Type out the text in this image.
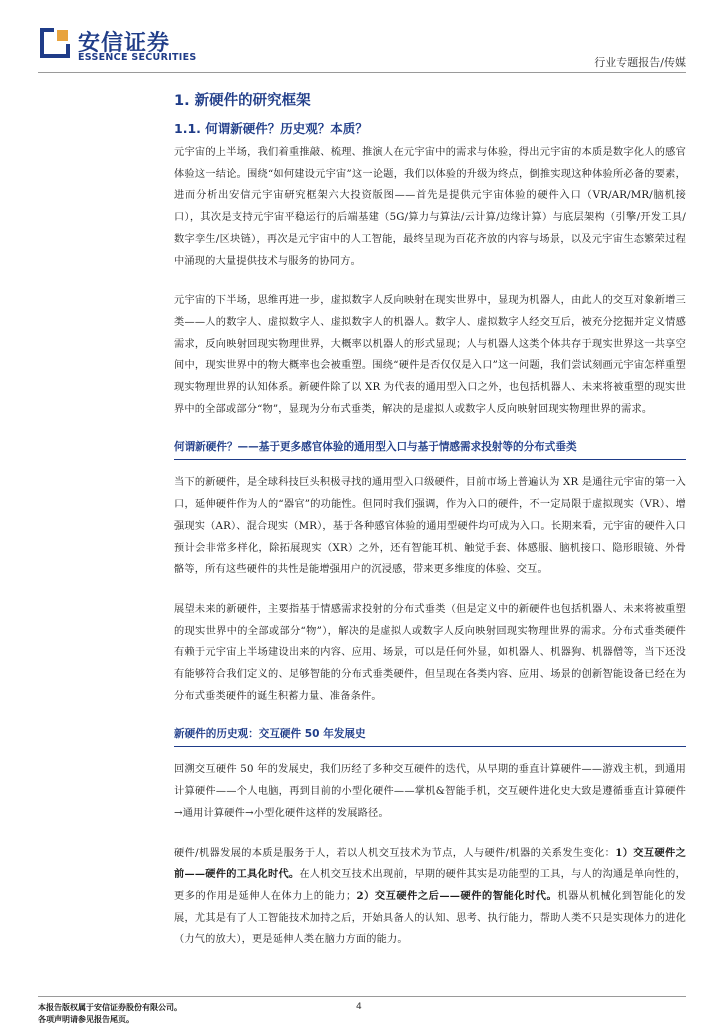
安信证券
ESSENCE SECURITIES	行业专题报告/传媒
1. 新硬件的研究框架
1.1. 何谓新硬件？历史观？本质？

元宇宙的上半场，我们着重推敲、梳理、推演人在元宇宙中的需求与体验，得出元宇宙的本质是数字化人的感官体验这一结论。围绕“如何建设元宇宙”这一论题，我们以体验的升级为终点，倒推实现这种体验所必备的要素，进而分析出安信元宇宙研究框架六大投资版图——首先是提供元宇宙体验的硬件入口（VR/AR/MR/脑机接口），其次是支持元宇宙平稳运行的后端基建（5G/算力与算法/云计算/边缘计算）与底层架构（引擎/开发工具/数字孪生/区块链），再次是元宇宙中的人工智能，最终呈现为百花齐放的内容与场景，以及元宇宙生态繁荣过程中涌现的大量提供技术与服务的协同方。

元宇宙的下半场，思维再进一步，虚拟数字人反向映射在现实世界中，显现为机器人，由此人的交互对象新增三类——人的数字人、虚拟数字人、虚拟数字人的机器人。数字人、虚拟数字人经交互后，被充分挖掘并定义情感需求，反向映射回现实物理世界，大概率以机器人的形式显现；人与机器人这类个体共存于现实世界这一共享空间中，现实世界中的物大概率也会被重塑。围绕“硬件是否仅仅是入口”这一问题，我们尝试刻画元宇宙怎样重塑现实物理世界的认知体系。新硬件除了以 XR 为代表的通用型入口之外，也包括机器人、未来将被重塑的现实世界中的全部或部分“物”，显现为分布式垂类，解决的是虚拟人或数字人反向映射回现实物理世界的需求。

何谓新硬件？——基于更多感官体验的通用型入口与基于情感需求投射等的分布式垂类

当下的新硬件，是全球科技巨头积极寻找的通用型入口级硬件，目前市场上普遍认为 XR 是通往元宇宙的第一入口，延伸硬件作为人的“器官”的功能性。但同时我们强调，作为入口的硬件，不一定局限于虚拟现实（VR）、增强现实（AR）、混合现实（MR），基于各种感官体验的通用型硬件均可成为入口。长期来看，元宇宙的硬件入口预计会非常多样化，除拓展现实（XR）之外，还有智能耳机、触觉手套、体感服、脑机接口、隐形眼镜、外骨骼等，所有这些硬件的共性是能增强用户的沉浸感，带来更多维度的体验、交互。

展望未来的新硬件，主要指基于情感需求投射的分布式垂类（但是定义中的新硬件也包括机器人、未来将被重塑的现实世界中的全部或部分“物”），解决的是虚拟人或数字人反向映射回现实物理世界的需求。分布式垂类硬件有赖于元宇宙上半场建设出来的内容、应用、场景，可以是任何外显，如机器人、机器狗、机器僧等，当下还没有能够符合我们定义的、足够智能的分布式垂类硬件，但呈现在各类内容、应用、场景的创新智能设备已经在为分布式垂类硬件的诞生积蓄力量、准备条件。

新硬件的历史观：交互硬件 50 年发展史

回溯交互硬件 50 年的发展史，我们历经了多种交互硬件的迭代，从早期的垂直计算硬件——游戏主机，到通用计算硬件——个人电脑，再到目前的小型化硬件——掌机&智能手机，交互硬件进化史大致是遵循垂直计算硬件→通用计算硬件→小型化硬件这样的发展路径。

硬件/机器发展的本质是服务于人，若以人机交互技术为节点，人与硬件/机器的关系发生变化：1）交互硬件之前——硬件的工具化时代。在人机交互技术出现前，早期的硬件其实是功能型的工具，与人的沟通是单向性的，更多的作用是延伸人在体力上的能力；2）交互硬件之后——硬件的智能化时代。机器从机械化到智能化的发展，尤其是有了人工智能技术加持之后，开始具备人的认知、思考、执行能力，帮助人类不只是实现体力的进化（力气的放大），更是延伸人类在脑力方面的能力。

本报告版权属于安信证券股份有限公司。
各项声明请参见报告尾页。
4
